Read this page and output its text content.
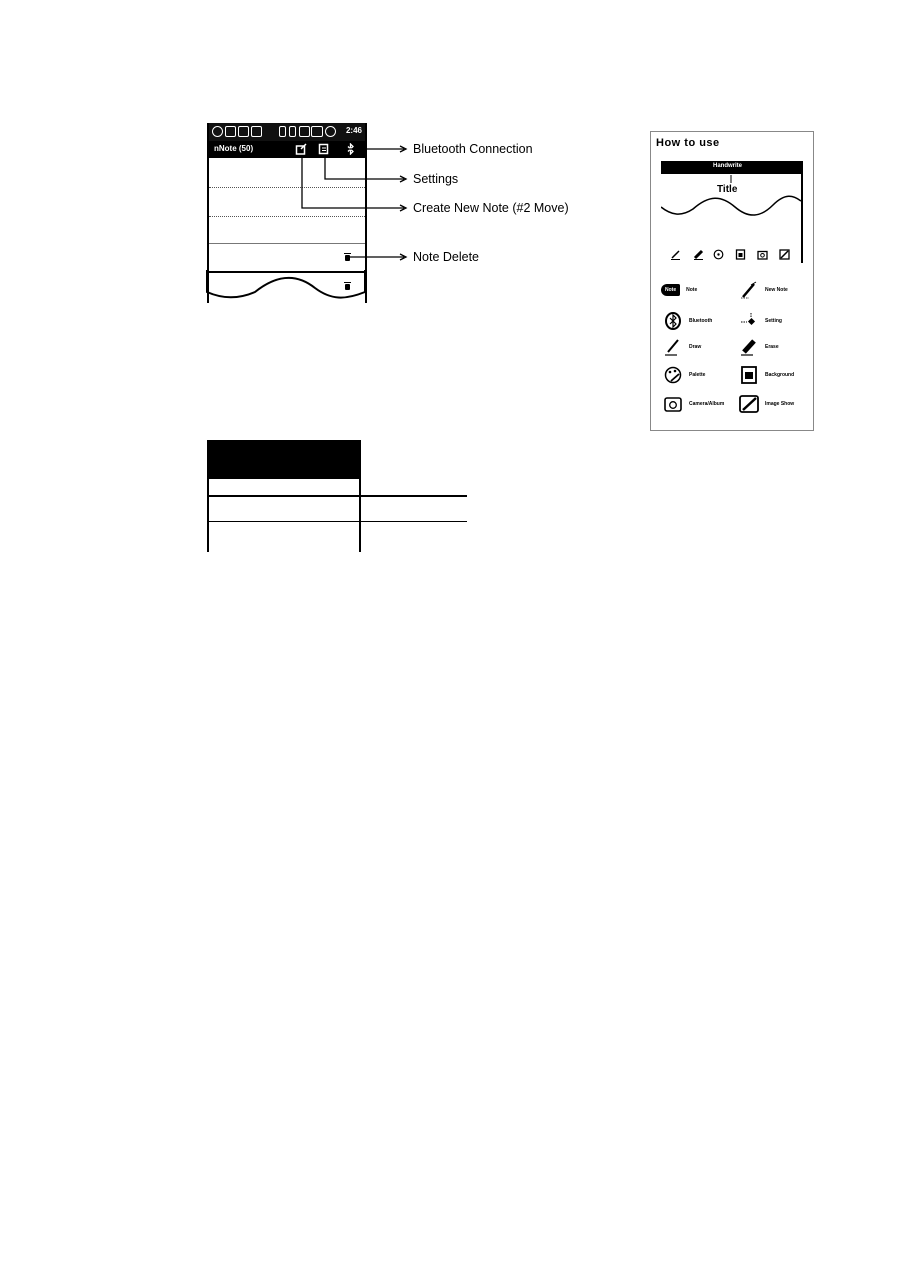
2:46
nNote (50)	Bluetooth Connection
Settings
Create New Note (#2 Move)
Note Delete
How to use
Handwrite
Title
Note	Note	New Note
Bluetooth	Setting
Draw	Erase
Palette	Background
Camera/Album	Image Show
